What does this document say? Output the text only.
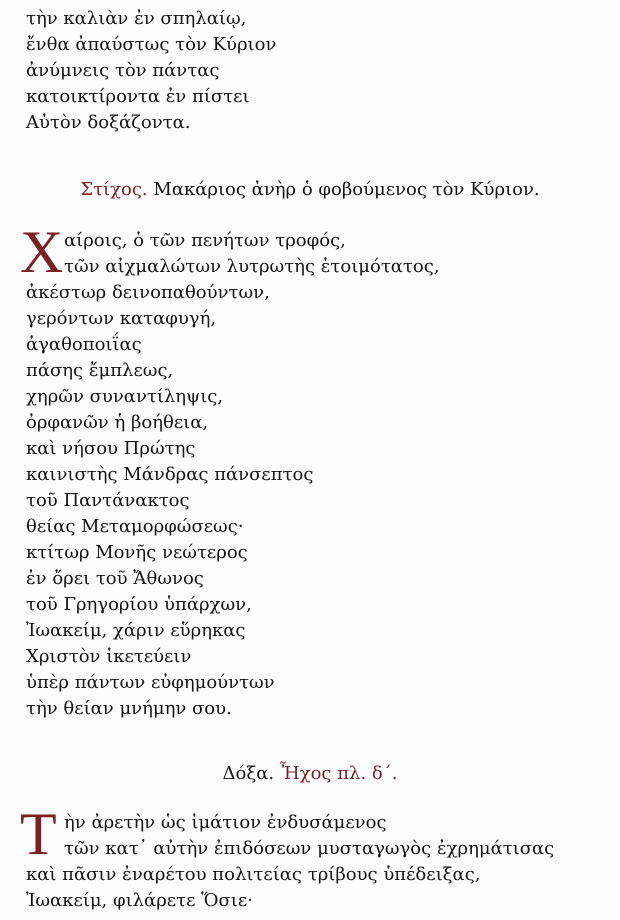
τὴν καλιὰν ἐν σπηλαίῳ,
ἔνθα ἀπαύστως τὸν Κύριον
ἀνύμνεις τὸν πάντας
κατοικτίροντα ἐν πίστει
Αὐτὸν δοξάζοντα.
Στίχος. Μακάριος ἀνὴρ ὁ φοβούμενος τὸν Κύριον.
Χ αίροις, ὁ τῶν πενήτων τροφός,
τῶν αἰχμαλώτων λυτρωτὴς ἑτοιμότατος,
ἀκέστωρ δεινοπαθούντων,
γερόντων καταφυγή,
ἀγαθοποιΐας
πάσης ἔμπλεως,
χηρῶν συναντίληψις,
ὀρφανῶν ἡ βοήθεια,
καὶ νήσου Πρώτης
καινιστὴς Μάνδρας πάνσεπτος
τοῦ Παντάνακτος
θείας Μεταμορφώσεως·
κτίτωρ Μονῆς νεώτερος
ἐν ὄρει τοῦ Ἄθωνος
τοῦ Γρηγορίου ὑπάρχων,
Ἰωακείμ, χάριν εὕρηκας
Χριστὸν ἱκετεύειν
ὑπὲρ πάντων εὐφημούντων
τὴν θείαν μνήμην σου.
Δόξα. Ἦχος πλ. δ΄.
Τ ὴν ἀρετὴν ὡς ἱμάτιον ἐνδυσάμενος
τῶν κατ᾽ αὐτὴν ἐπιδόσεων μυσταγωγὸς ἐχρημάτισας
καὶ πᾶσιν ἐναρέτου πολιτείας τρίβους ὑπέδειξας,
Ἰωακείμ, φιλάρετε Ὅσιε·
